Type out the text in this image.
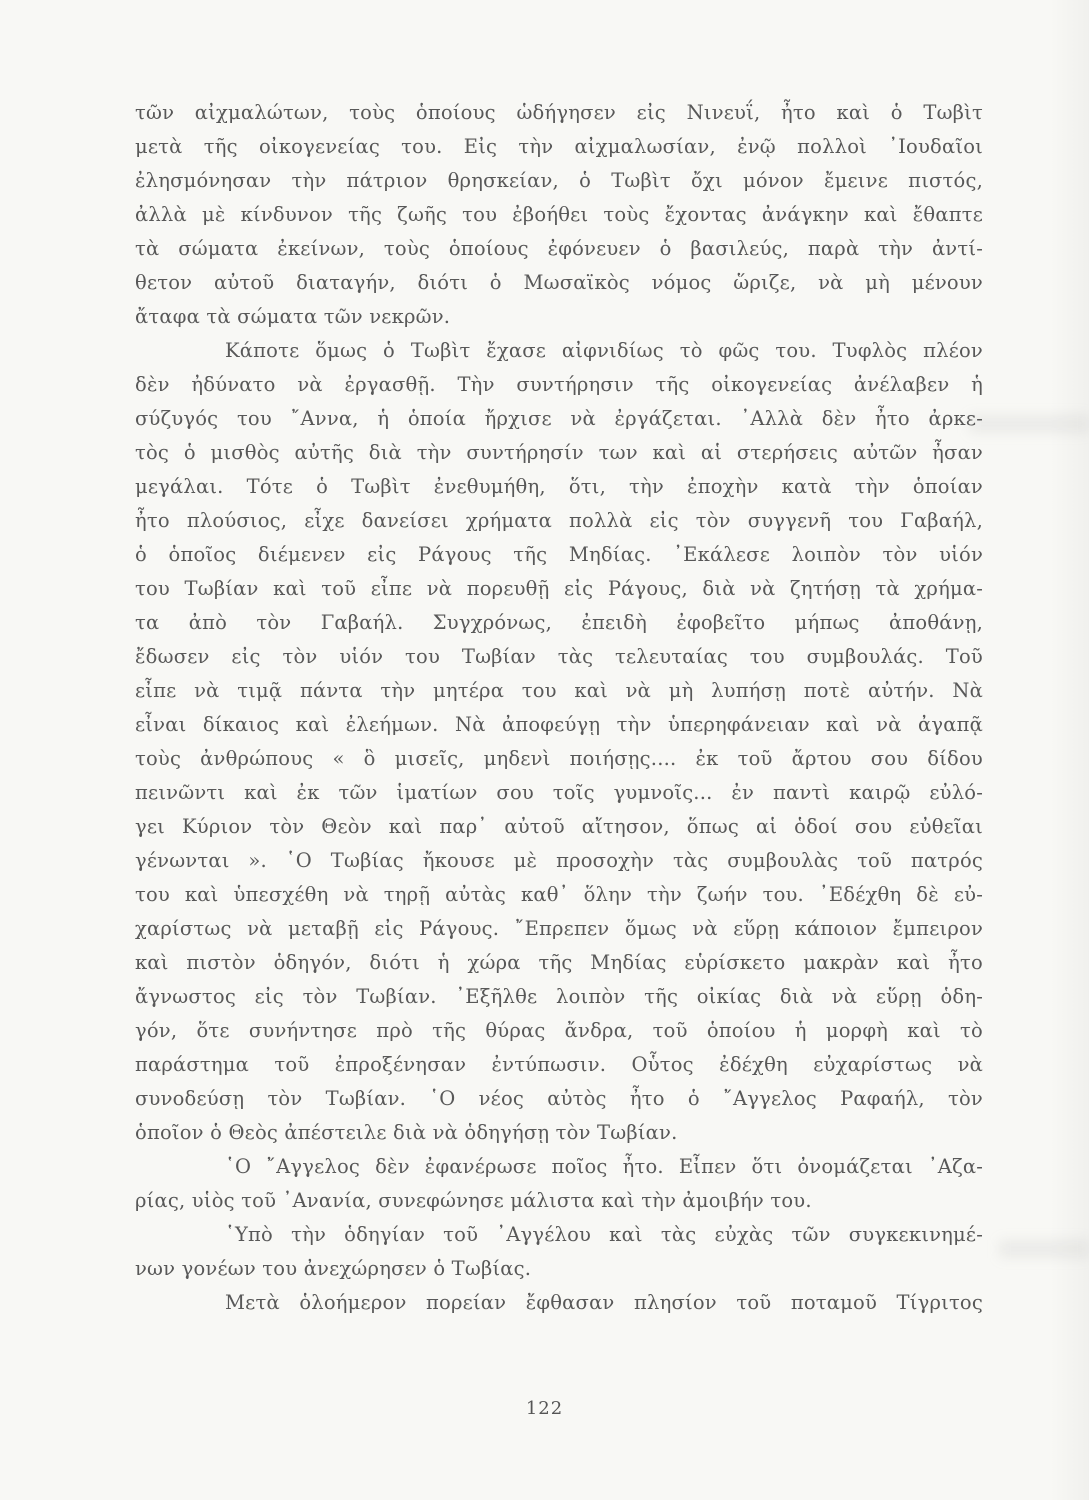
τῶν αἰχμαλώτων, τοὺς ὁποίους ὡδήγησεν εἰς Νινευΐ, ἦτο καὶ ὁ Τωβὶτ
μετὰ τῆς οἰκογενείας του. Εἰς τὴν αἰχμαλωσίαν, ἐνῷ πολλοὶ ᾿Ιουδαῖοι
ἐλησμόνησαν τὴν πάτριον θρησκείαν, ὁ Τωβὶτ ὄχι μόνον ἔμεινε πιστός,
ἀλλὰ μὲ κίνδυνον τῆς ζωῆς του ἐβοήθει τοὺς ἔχοντας ἀνάγκην καὶ ἔθαπτε
τὰ σώματα ἐκείνων, τοὺς ὁποίους ἐφόνευεν ὁ βασιλεύς, παρὰ τὴν ἀντί-
θετον αὐτοῦ διαταγήν, διότι ὁ Μωσαϊκὸς νόμος ὥριζε, νὰ μὴ μένουν
ἄταφα τὰ σώματα τῶν νεκρῶν.
Κάποτε ὅμως ὁ Τωβὶτ ἔχασε αἰφνιδίως τὸ φῶς του. Τυφλὸς πλέον
δὲν ἠδύνατο νὰ ἐργασθῇ. Τὴν συντήρησιν τῆς οἰκογενείας ἀνέλαβεν ἡ
σύζυγός του ῎Αννα, ἡ ὁποία ἤρχισε νὰ ἐργάζεται. ᾿Αλλὰ δὲν ἦτο ἀρκε-
τὸς ὁ μισθὸς αὐτῆς διὰ τὴν συντήρησίν των καὶ αἱ στερήσεις αὐτῶν ἦσαν
μεγάλαι. Τότε ὁ Τωβὶτ ἐνεθυμήθη, ὅτι, τὴν ἐποχὴν κατὰ τὴν ὁποίαν
ἦτο πλούσιος, εἶχε δανείσει χρήματα πολλὰ εἰς τὸν συγγενῆ του Γαβαήλ,
ὁ ὁποῖος διέμενεν εἰς Ράγους τῆς Μηδίας. ᾿Εκάλεσε λοιπὸν τὸν υἱόν
του Τωβίαν καὶ τοῦ εἶπε νὰ πορευθῇ εἰς Ράγους, διὰ νὰ ζητήσῃ τὰ χρήμα-
τα ἀπὸ τὸν Γαβαήλ. Συγχρόνως, ἐπειδὴ ἐφοβεῖτο μήπως ἀποθάνῃ,
ἔδωσεν εἰς τὸν υἱόν του Τωβίαν τὰς τελευταίας του συμβουλάς. Τοῦ
εἶπε νὰ τιμᾷ πάντα τὴν μητέρα του καὶ νὰ μὴ λυπήσῃ ποτὲ αὐτήν. Νὰ
εἶναι δίκαιος καὶ ἐλεήμων. Νὰ ἀποφεύγῃ τὴν ὑπερηφάνειαν καὶ νὰ ἀγαπᾷ
τοὺς ἀνθρώπους « ὃ μισεῖς, μηδενὶ ποιήσῃς.... ἐκ τοῦ ἄρτου σου δίδου
πεινῶντι καὶ ἐκ τῶν ἱματίων σου τοῖς γυμνοῖς... ἐν παντὶ καιρῷ εὐλό-
γει Κύριον τὸν Θεὸν καὶ παρ᾿ αὐτοῦ αἴτησον, ὅπως αἱ ὁδοί σου εὐθεῖαι
γένωνται ». ῾Ο Τωβίας ἤκουσε μὲ προσοχὴν τὰς συμβουλὰς τοῦ πατρός
του καὶ ὑπεσχέθη νὰ τηρῇ αὐτὰς καθ᾿ ὅλην τὴν ζωήν του. ᾿Εδέχθη δὲ εὐ-
χαρίστως νὰ μεταβῇ εἰς Ράγους. ῎Επρεπεν ὅμως νὰ εὕρῃ κάποιον ἔμπειρον
καὶ πιστὸν ὁδηγόν, διότι ἡ χώρα τῆς Μηδίας εὑρίσκετο μακρὰν καὶ ἦτο
ἄγνωστος εἰς τὸν Τωβίαν. ᾿Εξῆλθε λοιπὸν τῆς οἰκίας διὰ νὰ εὕρῃ ὁδη-
γόν, ὅτε συνήντησε πρὸ τῆς θύρας ἄνδρα, τοῦ ὁποίου ἡ μορφὴ καὶ τὸ
παράστημα τοῦ ἐπροξένησαν ἐντύπωσιν. Οὗτος ἐδέχθη εὐχαρίστως νὰ
συνοδεύσῃ τὸν Τωβίαν. ῾Ο νέος αὐτὸς ἦτο ὁ ῎Αγγελος Ραφαήλ, τὸν
ὁποῖον ὁ Θεὸς ἀπέστειλε διὰ νὰ ὁδηγήσῃ τὸν Τωβίαν.
῾Ο ῎Αγγελος δὲν ἐφανέρωσε ποῖος ἦτο. Εἶπεν ὅτι ὀνομάζεται ᾿Αζα-
ρίας, υἱὸς τοῦ ᾿Ανανία, συνεφώνησε μάλιστα καὶ τὴν ἀμοιβήν του.
῾Υπὸ τὴν ὁδηγίαν τοῦ ᾿Αγγέλου καὶ τὰς εὐχὰς τῶν συγκεκινημέ-
νων γονέων του ἀνεχώρησεν ὁ Τωβίας.
Μετὰ ὁλοήμερον πορείαν ἔφθασαν πλησίον τοῦ ποταμοῦ Τίγριτος
122
